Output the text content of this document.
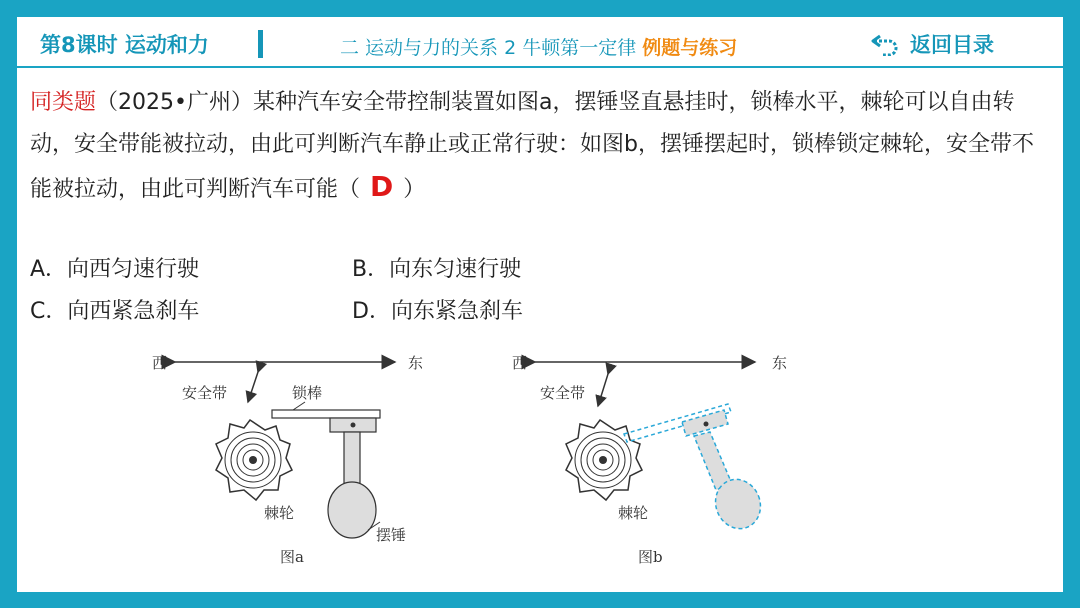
第8课时 运动和力	二 运动与力的关系 2 牛顿第一定律 例题与练习	返回目录
同类题（2025•广州）某种汽车安全带控制装置如图a，摆锤竖直悬挂时，锁棒水平，棘轮可以自由转动，安全带能被拉动，由此可判断汽车静止或正常行驶：如图b，摆锤摆起时，锁棒锁定棘轮，安全带不能被拉动，由此可判断汽车可能（ D ）
A．向西匀速行驶	B．向东匀速行驶
C．向西紧急刹车	D．向东紧急刹车
西	东
安全带	锁棒
棘轮
摆锤
图a
西	东
安全带
棘轮
图b
